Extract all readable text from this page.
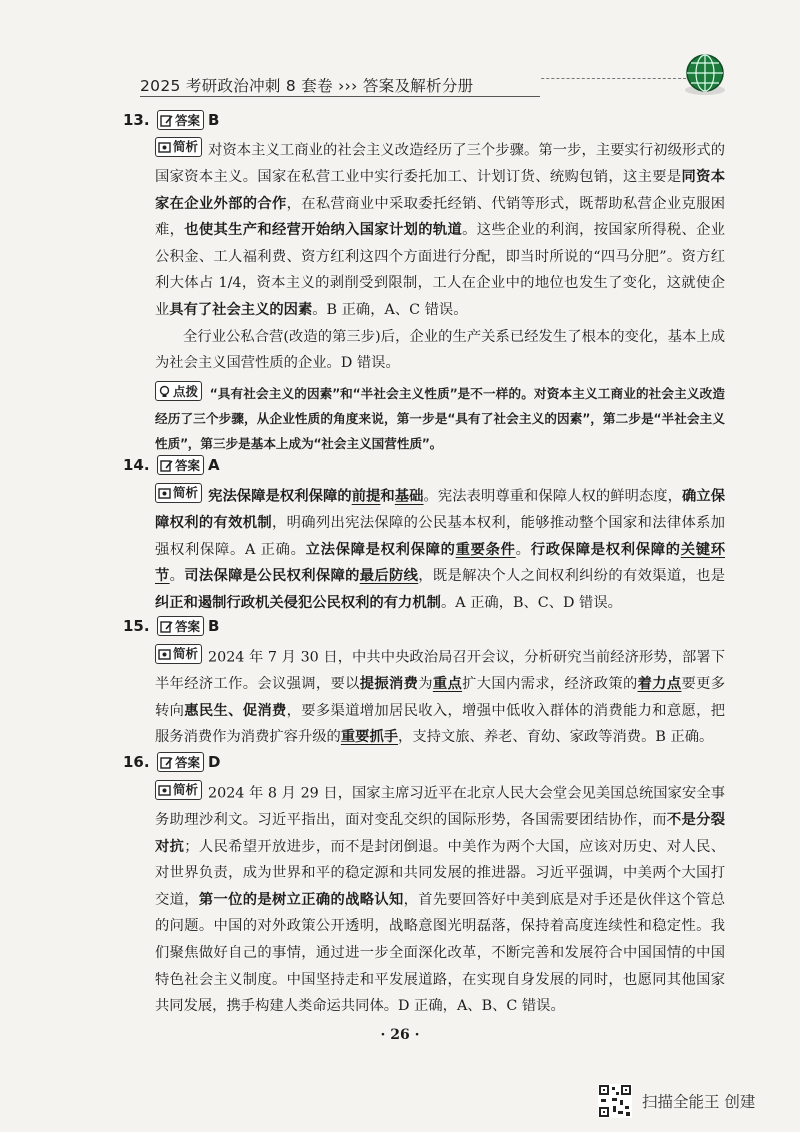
2025 考研政治冲刺 8 套卷 ››› 答案及解析分册
13.	答案 B

简析 对资本主义工商业的社会主义改造经历了三个步骤。第一步，主要实行初级形式的国家资本主义。国家在私营工业中实行委托加工、计划订货、统购包销，这主要是同资本家在企业外部的合作，在私营商业中采取委托经销、代销等形式，既帮助私营企业克服困难，也使其生产和经营开始纳入国家计划的轨道。这些企业的利润，按国家所得税、企业公积金、工人福利费、资方红利这四个方面进行分配，即当时所说的“四马分肥”。资方红利大体占 1/4，资本主义的剥削受到限制，工人在企业中的地位也发生了变化，这就使企业具有了社会主义的因素。B 正确，A、C 错误。

全行业公私合营(改造的第三步)后，企业的生产关系已经发生了根本的变化，基本上成为社会主义国营性质的企业。D 错误。

点拨 “具有社会主义的因素”和“半社会主义性质”是不一样的。对资本主义工商业的社会主义改造经历了三个步骤，从企业性质的角度来说，第一步是“具有了社会主义的因素”，第二步是“半社会主义性质”，第三步是基本上成为“社会主义国营性质”。

14.	答案 A

简析 宪法保障是权利保障的前提和基础。宪法表明尊重和保障人权的鲜明态度，确立保障权利的有效机制，明确列出宪法保障的公民基本权利，能够推动整个国家和法律体系加强权利保障。A 正确。立法保障是权利保障的重要条件。行政保障是权利保障的关键环节。司法保障是公民权利保障的最后防线，既是解决个人之间权利纠纷的有效渠道，也是纠正和遏制行政机关侵犯公民权利的有力机制。A 正确，B、C、D 错误。

15.	答案 B

简析 2024 年 7 月 30 日，中共中央政治局召开会议，分析研究当前经济形势，部署下半年经济工作。会议强调，要以提振消费为重点扩大国内需求，经济政策的着力点要更多转向惠民生、促消费，要多渠道增加居民收入，增强中低收入群体的消费能力和意愿，把服务消费作为消费扩容升级的重要抓手，支持文旅、养老、育幼、家政等消费。B 正确。

16.	答案 D

简析 2024 年 8 月 29 日，国家主席习近平在北京人民大会堂会见美国总统国家安全事务助理沙利文。习近平指出，面对变乱交织的国际形势，各国需要团结协作，而不是分裂对抗；人民希望开放进步，而不是封闭倒退。中美作为两个大国，应该对历史、对人民、对世界负责，成为世界和平的稳定源和共同发展的推进器。习近平强调，中美两个大国打交道，第一位的是树立正确的战略认知，首先要回答好中美到底是对手还是伙伴这个管总的问题。中国的对外政策公开透明，战略意图光明磊落，保持着高度连续性和稳定性。我们聚焦做好自己的事情，通过进一步全面深化改革，不断完善和发展符合中国国情的中国特色社会主义制度。中国坚持走和平发展道路，在实现自身发展的同时，也愿同其他国家共同发展，携手构建人类命运共同体。D 正确，A、B、C 错误。

· 26 ·
扫描全能王 创建
